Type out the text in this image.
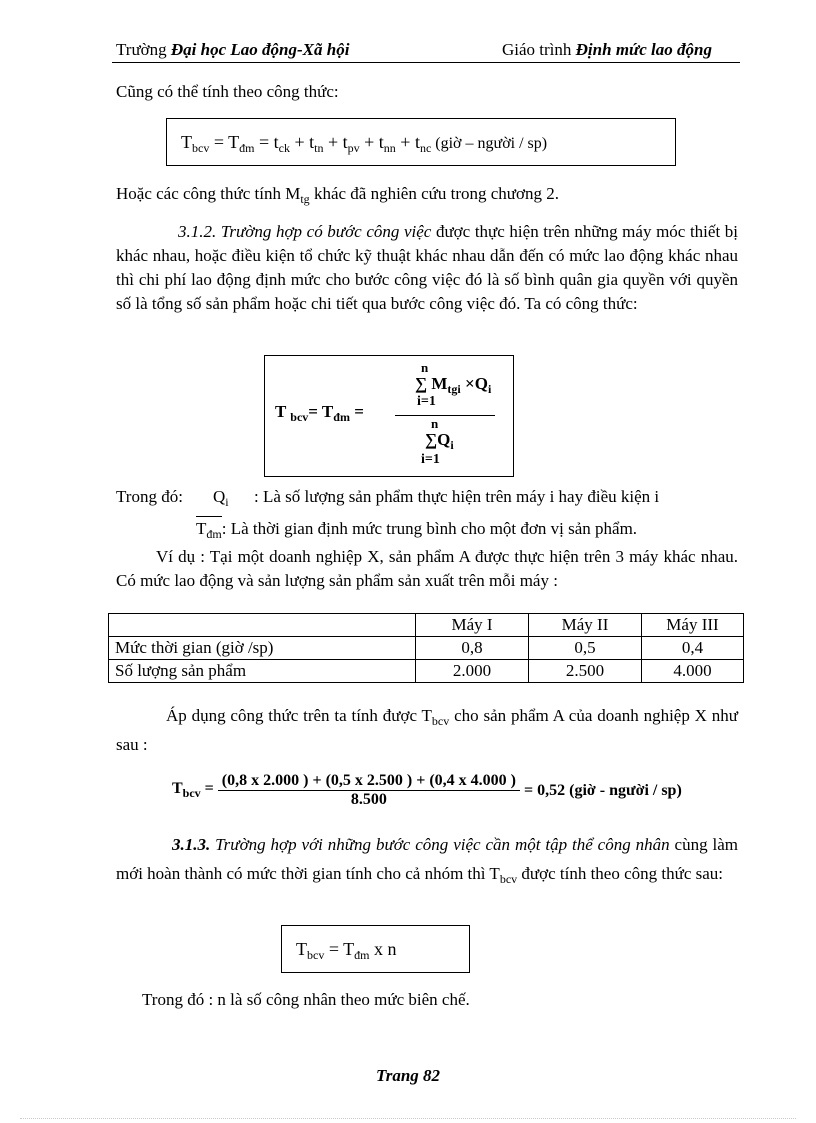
Trường Đại học Lao động-Xã hội	Giáo trình Định mức lao động
Cũng có thể tính theo công thức:
$T_{bcv} = T_{đm} = t_{ck} + t_{tn} + t_{pv} + t_{nn} + t_{nc}$ (giờ – người / sp)
Hoặc các công thức tính $M_{tg}$ khác đã nghiên cứu trong chương 2.
3.1.2. Trường hợp có bước công việc được thực hiện trên những máy móc thiết bị khác nhau, hoặc điều kiện tổ chức kỹ thuật khác nhau dẫn đến có mức lao động khác nhau thì chi phí lao động định mức cho bước công việc đó là số bình quân gia quyền với quyền số là tổng số sản phẩm hoặc chi tiết qua bước công việc đó. Ta có công thức:
T $_{bcv}= T_{đm}$ =
n
∑ $M_{tgi} \times Q_i$
i=1
n
$\sum Q_i$
i=1
Trong đó: $Q_i$ : Là số lượng sản phẩm thực hiện trên máy i hay điều kiện i
$T_{đm}$: Là thời gian định mức trung bình cho một đơn vị sản phẩm.
Ví dụ : Tại một doanh nghiệp X, sản phẩm A được thực hiện trên 3 máy khác nhau. Có mức lao động và sản lượng sản phẩm sản xuất trên mỗi máy :
	Máy I	Máy II	Máy III
Mức thời gian (giờ /sp)	0,8	0,5	0,4
Số lượng sản phẩm	2.000	2.500	4.000
Áp dụng công thức trên ta tính được $T_{bcv}$ cho sản phẩm A của doanh nghiệp X như sau :
$T_{bcv} = \frac{(0,8 x 2.000 ) + (0,5 x 2.500 ) + (0,4 x 4.000 )}{8.500} = 0,52$ (giờ - người / sp)
3.1.3. Trường hợp với những bước công việc cần một tập thể công nhân cùng làm mới hoàn thành có mức thời gian tính cho cả nhóm thì $T_{bcv}$ được tính theo công thức sau:
$T_{bcv} = T_{đm}$ x n
Trong đó : n là số công nhân theo mức biên chế.
Trang 82
